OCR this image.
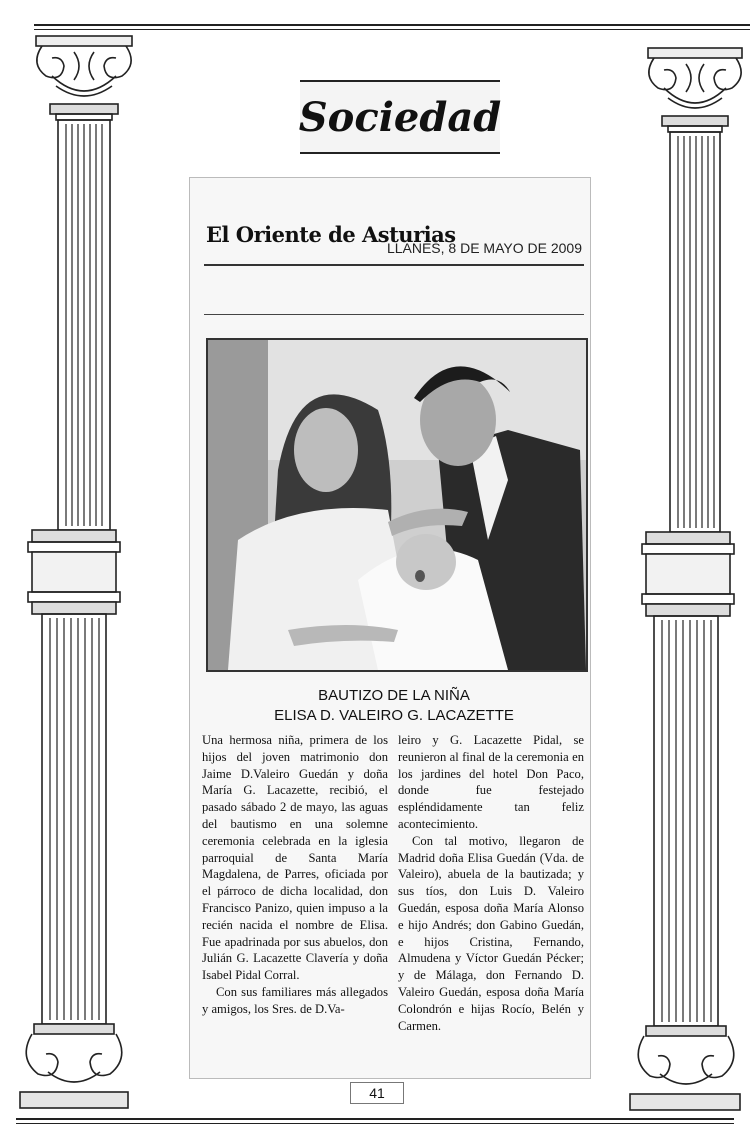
Sociedad
El Oriente de Asturias
LLANES, 8 DE MAYO DE 2009
BAUTIZO DE LA NIÑA
ELISA D. VALEIRO G. LACAZETTE

Una hermosa niña, primera de los hijos del joven matrimonio don Jaime D.Valeiro Guedán y doña María G. Lacazette, recibió, el pasado sábado 2 de mayo, las aguas del bautismo en una solemne ceremonia celebrada en la iglesia parroquial de Santa María Magdalena, de Parres, oficiada por el párroco de dicha localidad, don Francisco Panizo, quien impuso a la recién nacida el nombre de Elisa. Fue apadrinada por sus abuelos, don Julián G. Lacazette Clavería y doña Isabel Pidal Corral.

Con sus familiares más allegados y amigos, los Sres. de D.Va-

leiro y G. Lacazette Pidal, se reunieron al final de la ceremonia en los jardines del hotel Don Paco, donde fue festejado espléndidamente tan feliz acontecimiento.

Con tal motivo, llegaron de Madrid doña Elisa Guedán (Vda. de Valeiro), abuela de la bautizada; y sus tíos, don Luis D. Valeiro Guedán, esposa doña María Alonso e hijo Andrés; don Gabino Guedán, e hijos Cristina, Fernando, Almudena y Víctor Guedán Pécker; y de Málaga, don Fernando D. Valeiro Guedán, esposa doña María Colondrón e hijas Rocío, Belén y Carmen.

41
